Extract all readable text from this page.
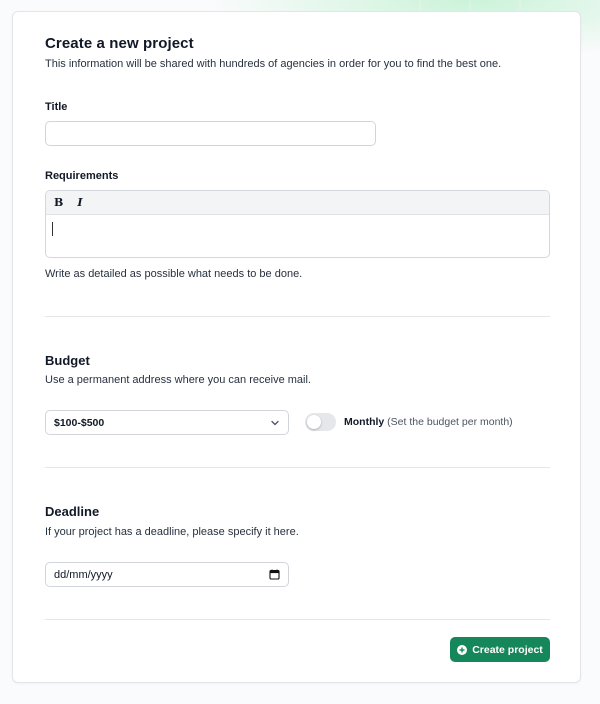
Create a new project
This information will be shared with hundreds of agencies in order for you to find the best one.
Title
Requirements
B I
Write as detailed as possible what needs to be done.
Budget
Use a permanent address where you can receive mail.
$100-$500	Monthly (Set the budget per month)
Deadline
If your project has a deadline, please specify it here.
dd/mm/yyyy
Create project
